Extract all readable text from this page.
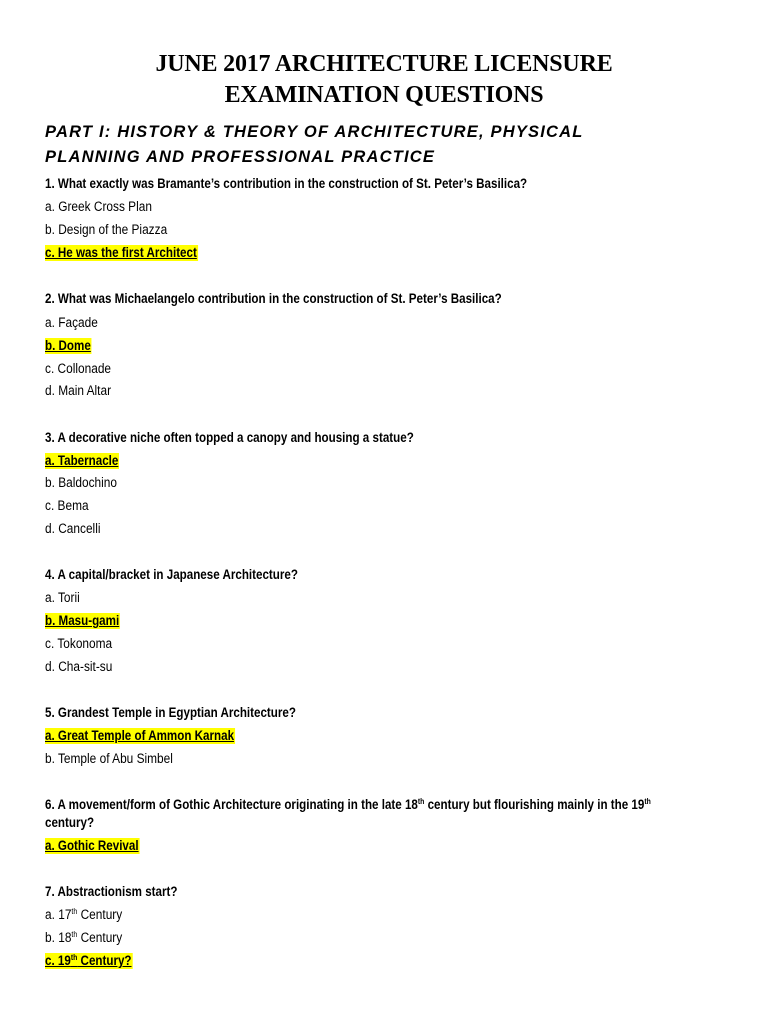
JUNE 2017 ARCHITECTURE LICENSURE
EXAMINATION QUESTIONS
PART I: HISTORY & THEORY OF ARCHITECTURE, PHYSICAL
PLANNING AND PROFESSIONAL PRACTICE
1. What exactly was Bramante’s contribution in the construction of St. Peter’s Basilica?
a. Greek Cross Plan
b. Design of the Piazza
c. He was the first Architect
2. What was Michaelangelo contribution in the construction of St. Peter’s Basilica?
a. Façade
b. Dome
c. Collonade
d. Main Altar
3. A decorative niche often topped a canopy and housing a statue?
a. Tabernacle
b. Baldochino
c. Bema
d. Cancelli
4. A capital/bracket in Japanese Architecture?
a. Torii
b. Masu-gami
c. Tokonoma
d. Cha-sit-su
5. Grandest Temple in Egyptian Architecture?
a. Great Temple of Ammon Karnak
b. Temple of Abu Simbel
6. A movement/form of Gothic Architecture originating in the late 18th century but flourishing mainly in the 19th
century?
a. Gothic Revival
7. Abstractionism start?
a. 17th Century
b. 18th Century
c. 19th Century?
